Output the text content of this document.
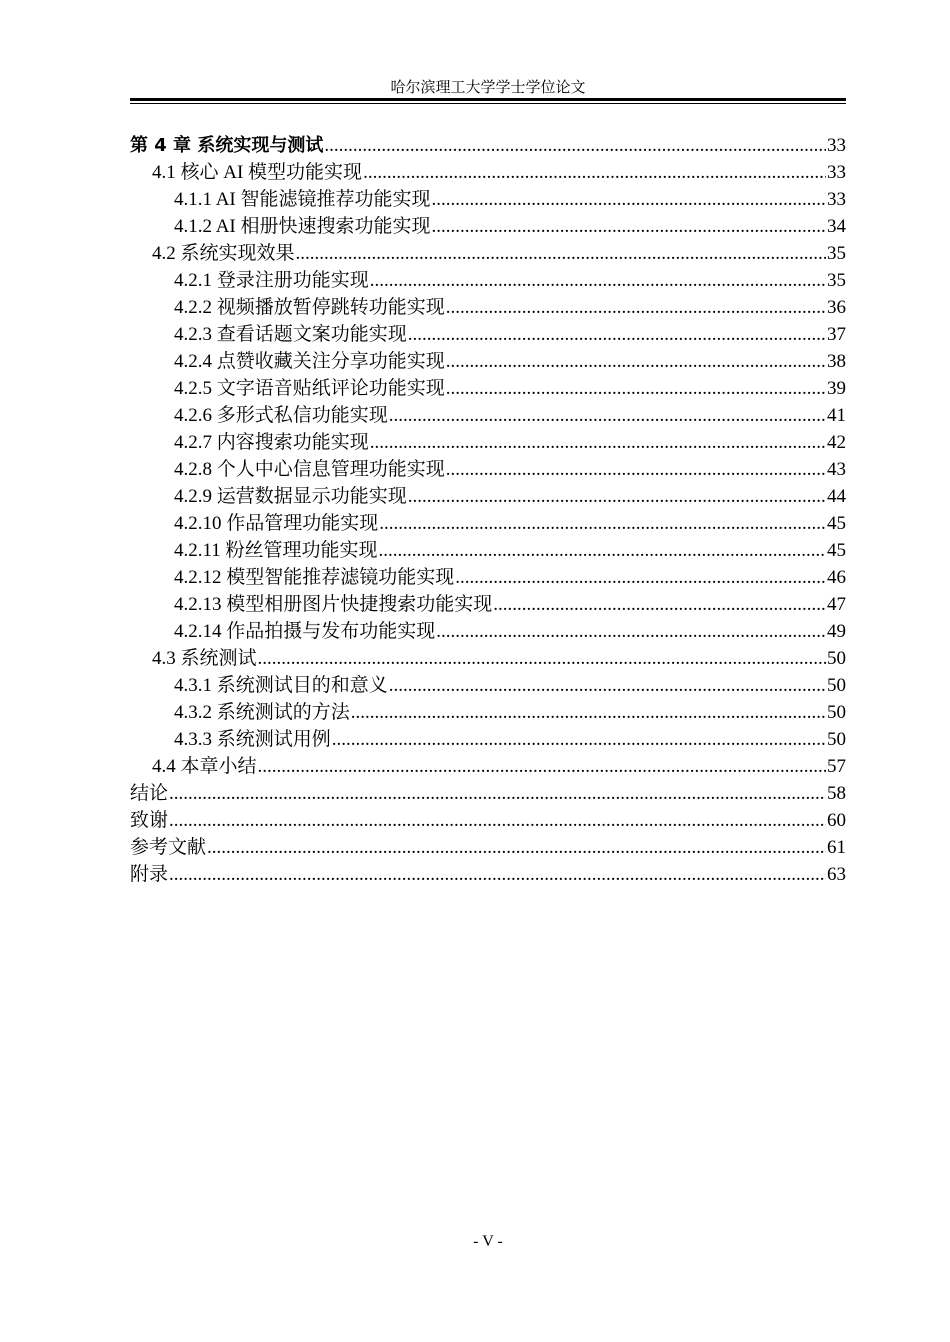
哈尔滨理工大学学士学位论文
第 4 章 系统实现与测试 .....	33
4.1 核心 AI 模型功能实现 .....	33
4.1.1 AI 智能滤镜推荐功能实现 .....	33
4.1.2 AI 相册快速搜索功能实现 .....	34
4.2 系统实现效果 .....	35
4.2.1 登录注册功能实现 .....	35
4.2.2 视频播放暂停跳转功能实现 .....	36
4.2.3 查看话题文案功能实现 .....	37
4.2.4 点赞收藏关注分享功能实现 .....	38
4.2.5 文字语音贴纸评论功能实现 .....	39
4.2.6 多形式私信功能实现 .....	41
4.2.7 内容搜索功能实现 .....	42
4.2.8 个人中心信息管理功能实现 .....	43
4.2.9 运营数据显示功能实现 .....	44
4.2.10 作品管理功能实现 .....	45
4.2.11 粉丝管理功能实现 .....	45
4.2.12 模型智能推荐滤镜功能实现 .....	46
4.2.13 模型相册图片快捷搜索功能实现 .....	47
4.2.14 作品拍摄与发布功能实现 .....	49
4.3 系统测试 .....	50
4.3.1 系统测试目的和意义 .....	50
4.3.2 系统测试的方法 .....	50
4.3.3 系统测试用例 .....	50
4.4 本章小结 .....	57
结论 .....	58
致谢 .....	60
参考文献 .....	61
附录 .....	63
- V -
